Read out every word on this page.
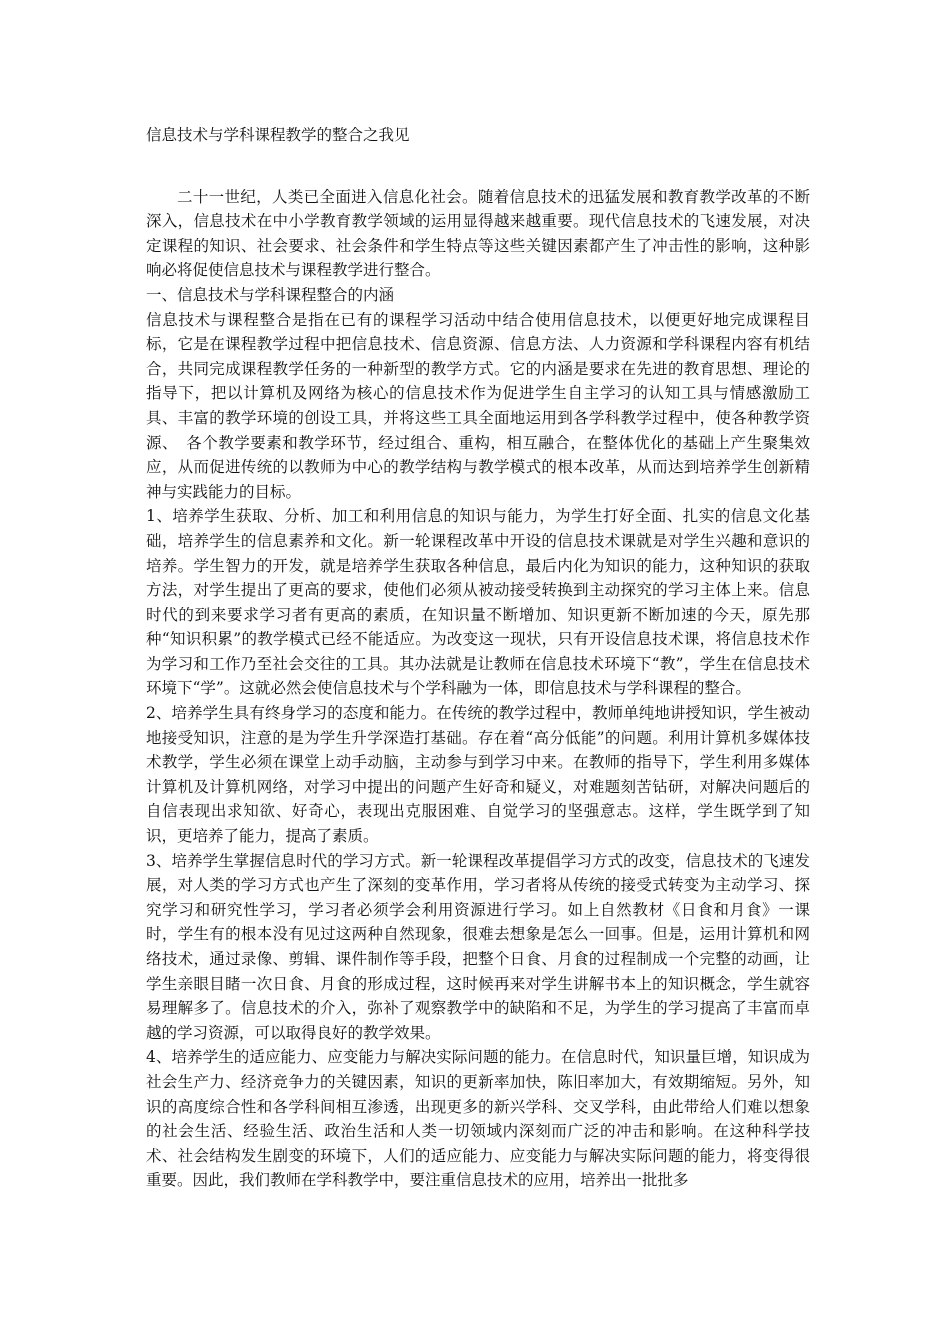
信息技术与学科课程教学的整合之我见

二十一世纪，人类已全面进入信息化社会。随着信息技术的迅猛发展和教育教学改革的不断深入，信息技术在中小学教育教学领域的运用显得越来越重要。现代信息技术的飞速发展，对决定课程的知识、社会要求、社会条件和学生特点等这些关键因素都产生了冲击性的影响，这种影响必将促使信息技术与课程教学进行整合。

一、信息技术与学科课程整合的内涵

信息技术与课程整合是指在已有的课程学习活动中结合使用信息技术，以便更好地完成课程目标，它是在课程教学过程中把信息技术、信息资源、信息方法、人力资源和学科课程内容有机结合，共同完成课程教学任务的一种新型的教学方式。它的内涵是要求在先进的教育思想、理论的指导下，把以计算机及网络为核心的信息技术作为促进学生自主学习的认知工具与情感激励工具、丰富的教学环境的创设工具，并将这些工具全面地运用到各学科教学过程中，使各种教学资源、　各个教学要素和教学环节，经过组合、重构，相互融合，在整体优化的基础上产生聚集效应，从而促进传统的以教师为中心的教学结构与教学模式的根本改革，从而达到培养学生创新精神与实践能力的目标。

1、培养学生获取、分析、加工和利用信息的知识与能力，为学生打好全面、扎实的信息文化基础，培养学生的信息素养和文化。新一轮课程改革中开设的信息技术课就是对学生兴趣和意识的培养。学生智力的开发，就是培养学生获取各种信息，最后内化为知识的能力，这种知识的获取方法，对学生提出了更高的要求，使他们必须从被动接受转换到主动探究的学习主体上来。信息时代的到来要求学习者有更高的素质，在知识量不断增加、知识更新不断加速的今天，原先那种“知识积累”的教学模式已经不能适应。为改变这一现状，只有开设信息技术课，将信息技术作为学习和工作乃至社会交往的工具。其办法就是让教师在信息技术环境下“教”，学生在信息技术环境下“学”。这就必然会使信息技术与个学科融为一体，即信息技术与学科课程的整合。

2、培养学生具有终身学习的态度和能力。在传统的教学过程中，教师单纯地讲授知识，学生被动地接受知识，注意的是为学生升学深造打基础。存在着“高分低能”的问题。利用计算机多媒体技术教学，学生必须在课堂上动手动脑，主动参与到学习中来。在教师的指导下，学生利用多媒体计算机及计算机网络，对学习中提出的问题产生好奇和疑义，对难题刻苦钻研，对解决问题后的自信表现出求知欲、好奇心，表现出克服困难、自觉学习的坚强意志。这样，学生既学到了知识，更培养了能力，提高了素质。

3、培养学生掌握信息时代的学习方式。新一轮课程改革提倡学习方式的改变，信息技术的飞速发展，对人类的学习方式也产生了深刻的变革作用，学习者将从传统的接受式转变为主动学习、探究学习和研究性学习，学习者必须学会利用资源进行学习。如上自然教材《日食和月食》一课时，学生有的根本没有见过这两种自然现象，很难去想象是怎么一回事。但是，运用计算机和网络技术，通过录像、剪辑、课件制作等手段，把整个日食、月食的过程制成一个完整的动画，让学生亲眼目睹一次日食、月食的形成过程，这时候再来对学生讲解书本上的知识概念，学生就容易理解多了。信息技术的介入，弥补了观察教学中的缺陷和不足，为学生的学习提高了丰富而卓越的学习资源，可以取得良好的教学效果。

4、培养学生的适应能力、应变能力与解决实际问题的能力。在信息时代，知识量巨增，知识成为社会生产力、经济竞争力的关键因素，知识的更新率加快，陈旧率加大，有效期缩短。另外，知识的高度综合性和各学科间相互渗透，出现更多的新兴学科、交叉学科，由此带给人们难以想象的社会生活、经验生活、政治生活和人类一切领域内深刻而广泛的冲击和影响。在这种科学技术、社会结构发生剧变的环境下，人们的适应能力、应变能力与解决实际问题的能力，将变得很重要。因此，我们教师在学科教学中，要注重信息技术的应用，培养出一批批多
